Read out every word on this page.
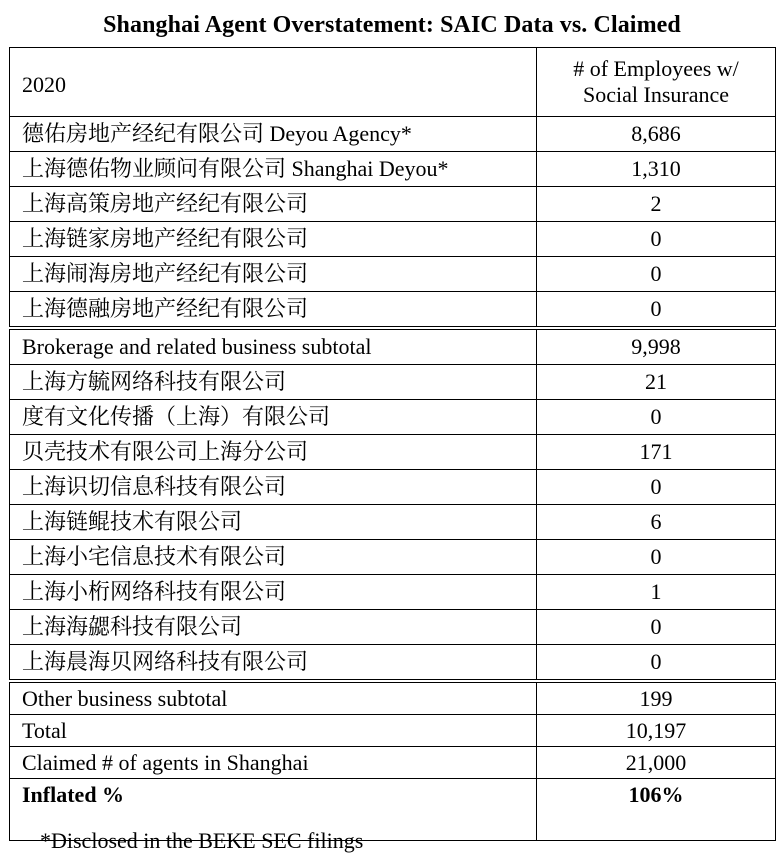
Shanghai Agent Overstatement: SAIC Data vs. Claimed
2020	# of Employees w/
Social Insurance

德佑房地产经纪有限公司 Deyou Agency*	8,686
上海德佑物业顾问有限公司 Shanghai Deyou*	1,310
上海高策房地产经纪有限公司	2
上海链家房地产经纪有限公司	0
上海闹海房地产经纪有限公司	0
上海德融房地产经纪有限公司	0
Brokerage and related business subtotal	9,998
上海方毓网络科技有限公司	21
度有文化传播（上海）有限公司	0
贝壳技术有限公司上海分公司	171
上海识切信息科技有限公司	0
上海链鲲技术有限公司	6
上海小宅信息技术有限公司	0
上海小桁网络科技有限公司	1
上海海勰科技有限公司	0
上海晨海贝网络科技有限公司	0
Other business subtotal	199
Total	10,197
Claimed # of agents in Shanghai	21,000
Inflated %	106%

*Disclosed in the BEKE SEC filings
